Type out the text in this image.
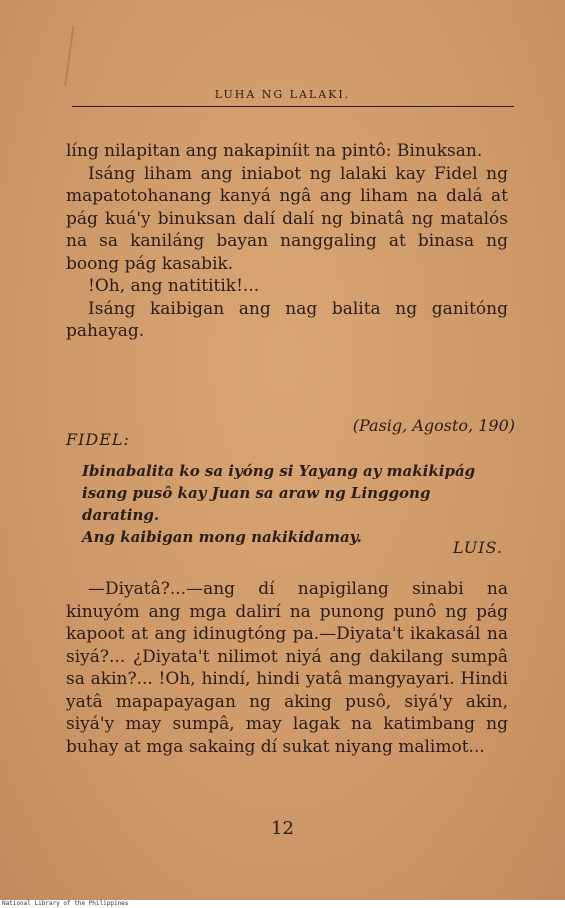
LUHA NG LALAKI.

líng nilapitan ang nakapiníit na pintô: Binuksan.

Isáng liham ang iniabot ng lalaki kay Fidel ng mapatotohanang kanyá ngâ ang liham na dalá at pág kuá'y binuksan dalí dalí ng binatâ ng matalós na sa kaniláng bayan nanggaling at binasa ng boong pág kasabik.

!Oh, ang natititik!...

Isáng kaibigan ang nag balita ng ganitóng pahayag.

(Pasig, Agosto, 190)
FIDEL:

Ibinabalita ko sa iyóng si Yayang ay makikipág isang pusô kay Juan sa araw ng Linggong darating.

Ang kaibigan mong nakikidamay.

LUIS.

—Diyatâ?...—ang dí napigilang sinabi na kinuyóm ang mga dalirí na punong punô ng pág kapoot at ang idinugtóng pa.—Diyata't ikakasál na siyá?... ¿Diyata't nilimot niyá ang dakilang sumpâ sa akin?... !Oh, hindí, hindi yatâ mangyayari. Hindi yatâ mapapayagan ng aking pusô, siyá'y akin, siyá'y may sumpâ, may lagak na katimbang ng buhay at mga sakaing dí sukat niyang malimot...

12
National Library of the Philippines
